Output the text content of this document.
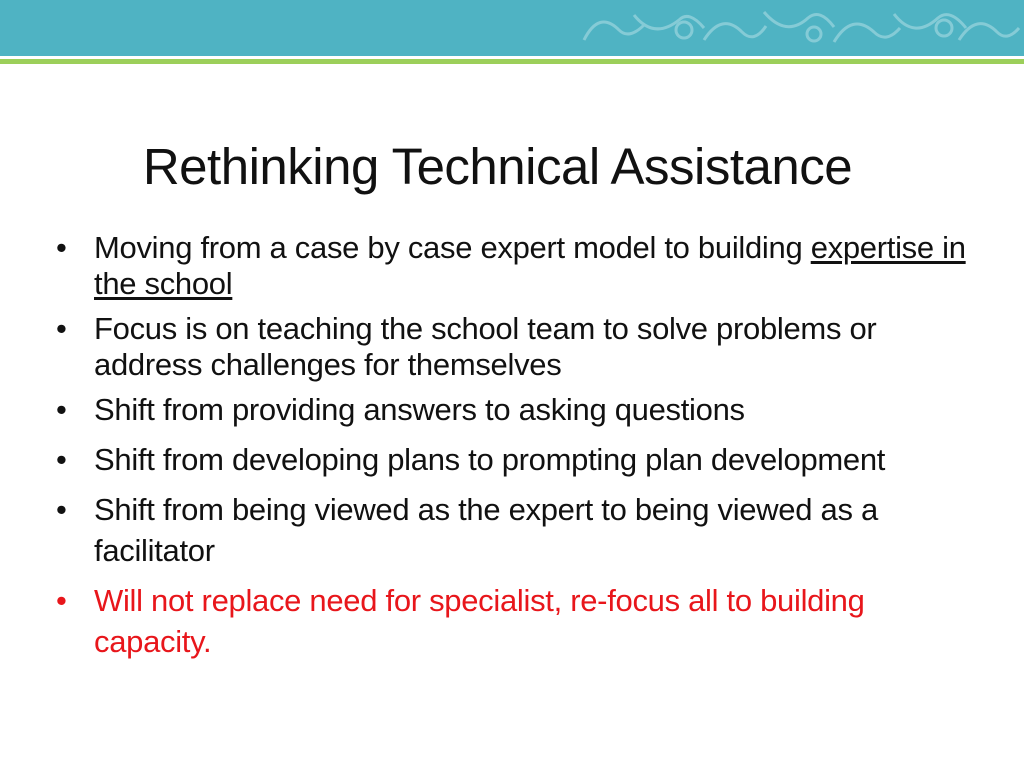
Rethinking Technical Assistance
• Moving from a case by case expert model to building expertise in the school
• Focus is on teaching the school team to solve problems or address challenges for themselves
• Shift from providing answers to asking questions
• Shift from developing plans to prompting plan development
• Shift from being viewed as the expert to being viewed as a facilitator
• Will not replace need for specialist, re-focus all to building capacity.
